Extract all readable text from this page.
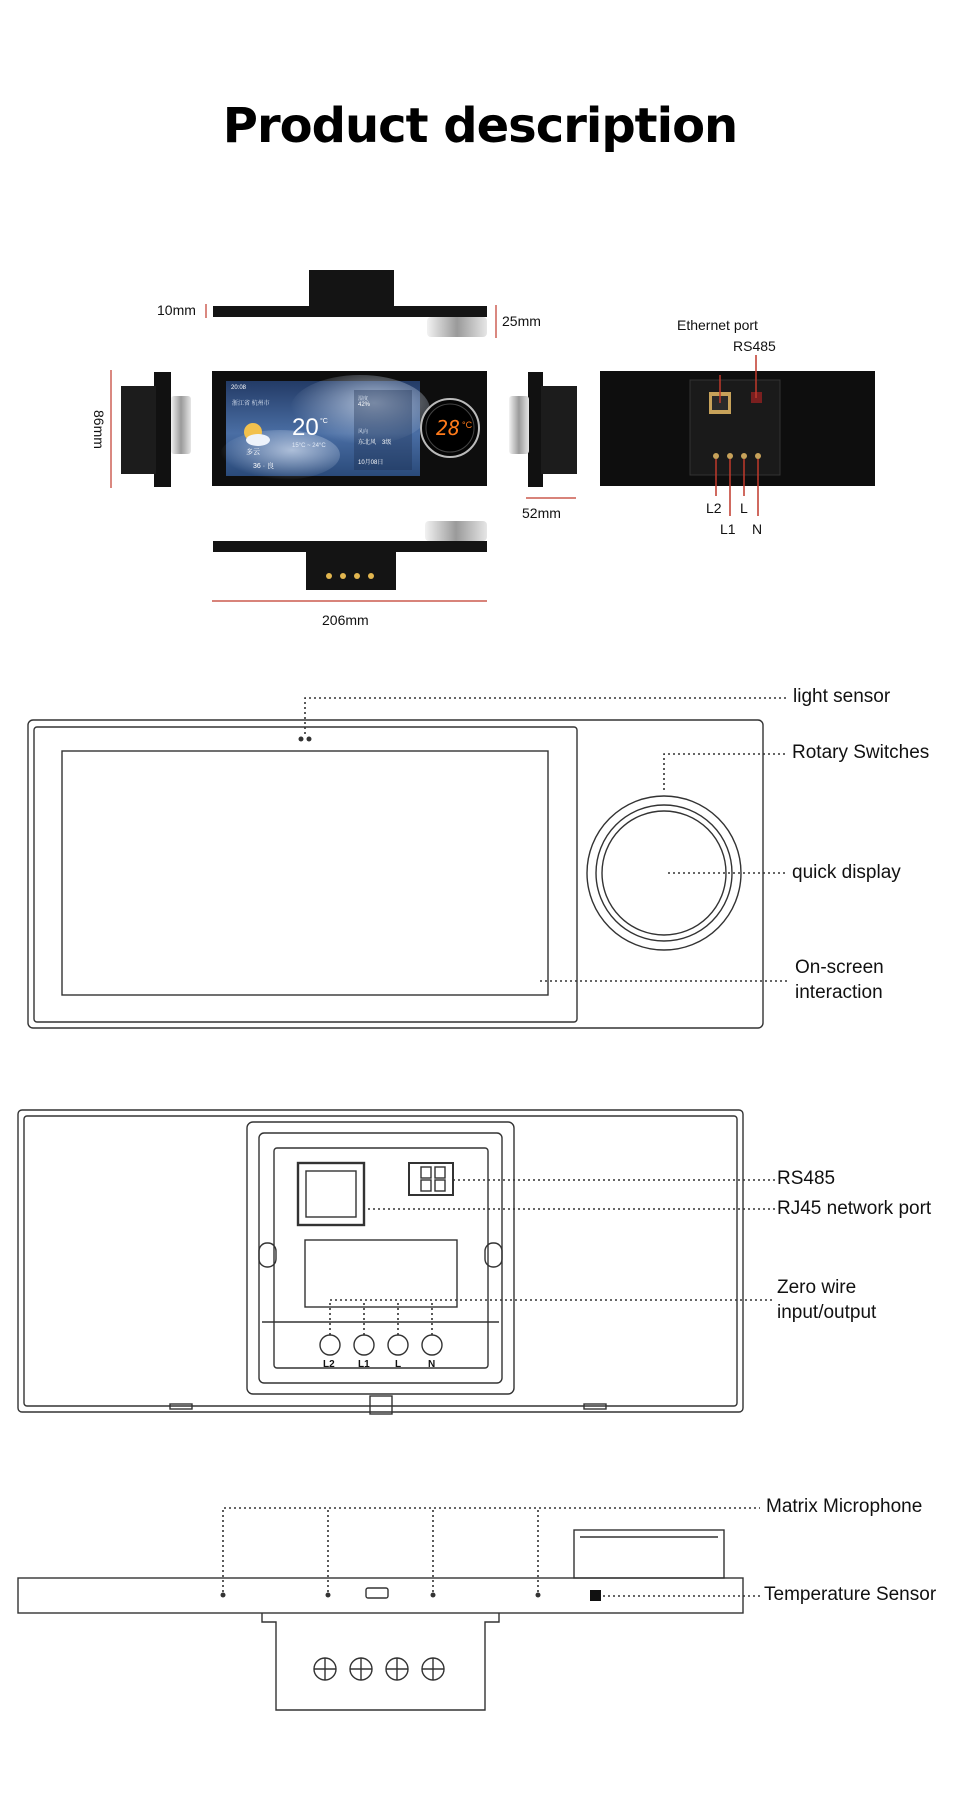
Product description
20:08
浙江省 杭州市
20 °C
多云
15°C ~ 24°C
36 · 良
湿度
42%
风向
东北风 3级
10月08日
28 °C
10mm
25mm
86mm
52mm
206mm
Ethernet port
RS485
L2
L1
L
N
light sensor
Rotary Switches
quick display
On-screen
interaction
RS485
RJ45 network port
Zero wire
input/output
L2 L1	L	N
Matrix Microphone
Temperature Sensor
